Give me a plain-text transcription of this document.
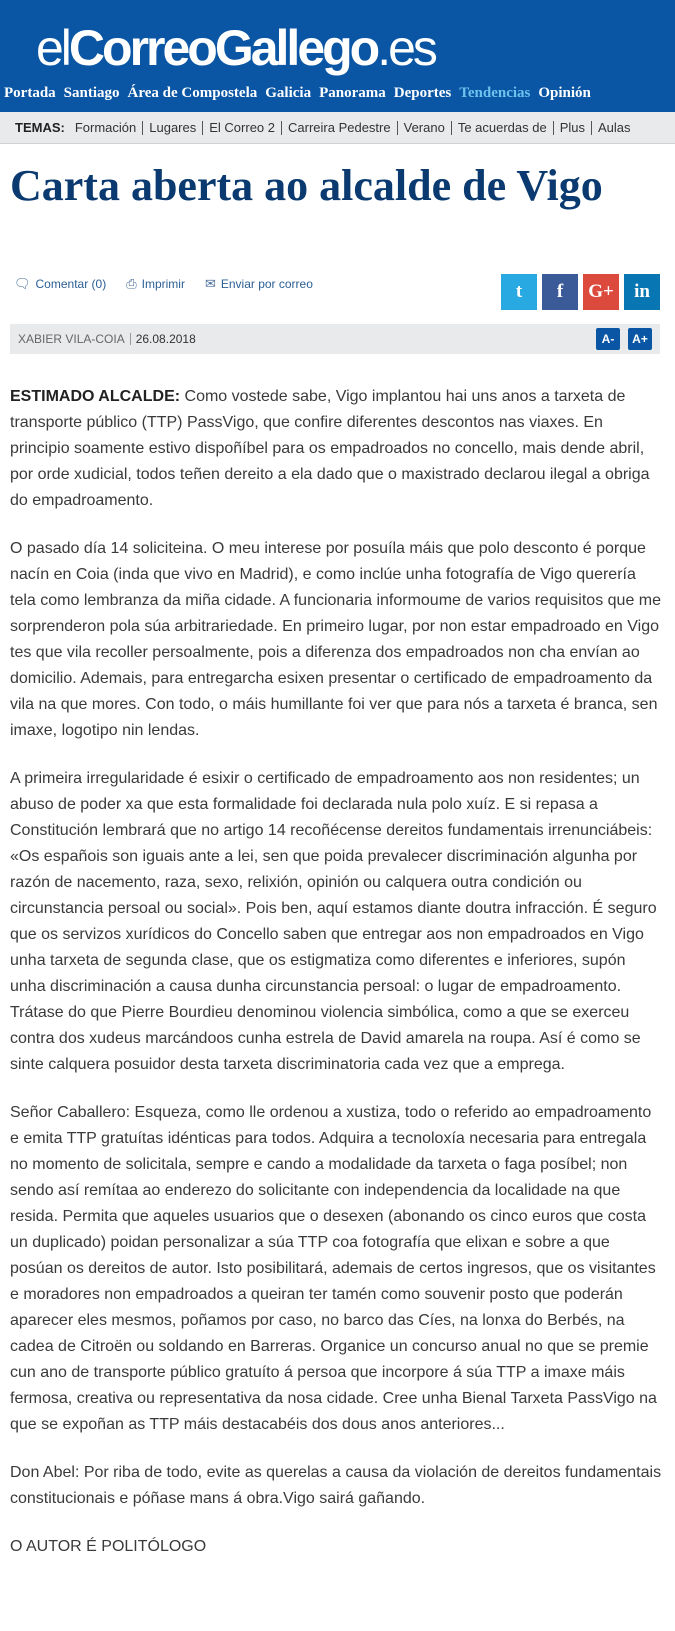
elCorreoGallego.es
Portada Santiago Área de Compostela Galicia Panorama Deportes Tendencias Opinión
TEMAS: Formación	Lugares	El Correo 2	Carreira Pedestre	Verano	Te acuerdas de	Plus	Aulas
Carta aberta ao alcalde de Vigo
🗨︎ Comentar (0) ⎙ Imprimir ✉ Enviar por correo	t f G+ in
XABIER VILA-COIA 26.08.2018	A-	A+

ESTIMADO ALCALDE: Como vostede sabe, Vigo implantou hai uns anos a tarxeta de transporte público (TTP) PassVigo, que confire diferentes descontos nas viaxes. En principio soamente estivo dispoñíbel para os empadroados no concello, mais dende abril, por orde xudicial, todos teñen dereito a ela dado que o maxistrado declarou ilegal a obriga do empadroamento.

O pasado día 14 soliciteina. O meu interese por posuíla máis que polo desconto é porque nacín en Coia (inda que vivo en Madrid), e como inclúe unha fotografía de Vigo querería tela como lembranza da miña cidade. A funcionaria informoume de varios requisitos que me sorprenderon pola súa arbitrariedade. En primeiro lugar, por non estar empadroado en Vigo tes que vila recoller persoalmente, pois a diferenza dos empadroados non cha envían ao domicilio. Ademais, para entregarcha esixen presentar o certificado de empadroamento da vila na que mores. Con todo, o máis humillante foi ver que para nós a tarxeta é branca, sen imaxe, logotipo nin lendas.

A primeira irregularidade é esixir o certificado de empadroamento aos non residentes; un abuso de poder xa que esta formalidade foi declarada nula polo xuíz. E si repasa a Constitución lembrará que no artigo 14 recoñécense dereitos fundamentais irrenunciábeis: «Os españois son iguais ante a lei, sen que poida prevalecer discriminación algunha por razón de nacemento, raza, sexo, relixión, opinión ou calquera outra condición ou circunstancia persoal ou social». Pois ben, aquí estamos diante doutra infracción. É seguro que os servizos xurídicos do Concello saben que entregar aos non empadroados en Vigo unha tarxeta de segunda clase, que os estigmatiza como diferentes e inferiores, supón unha discriminación a causa dunha circunstancia persoal: o lugar de empadroamento. Trátase do que Pierre Bourdieu denominou violencia simbólica, como a que se exerceu contra dos xudeus marcándoos cunha estrela de David amarela na roupa. Así é como se sinte calquera posuidor desta tarxeta discriminatoria cada vez que a emprega.

Señor Caballero: Esqueza, como lle ordenou a xustiza, todo o referido ao empadroamento e emita TTP gratuítas idénticas para todos. Adquira a tecnoloxía necesaria para entregala no momento de solicitala, sempre e cando a modalidade da tarxeta o faga posíbel; non sendo así remítaa ao enderezo do solicitante con independencia da localidade na que resida. Permita que aqueles usuarios que o desexen (abonando os cinco euros que costa un duplicado) poidan personalizar a súa TTP coa fotografía que elixan e sobre a que posúan os dereitos de autor. Isto posibilitará, ademais de certos ingresos, que os visitantes e moradores non empadroados a queiran ter tamén como souvenir posto que poderán aparecer eles mesmos, poñamos por caso, no barco das Cíes, na lonxa do Berbés, na cadea de Citroën ou soldando en Barreras. Organice un concurso anual no que se premie cun ano de transporte público gratuíto á persoa que incorpore á súa TTP a imaxe máis fermosa, creativa ou representativa da nosa cidade. Cree unha Bienal Tarxeta PassVigo na que se expoñan as TTP máis destacabéis dos dous anos anteriores...

Don Abel: Por riba de todo, evite as querelas a causa da violación de dereitos fundamentais constitucionais e póñase mans á obra.Vigo sairá gañando.

O AUTOR É POLITÓLOGO
